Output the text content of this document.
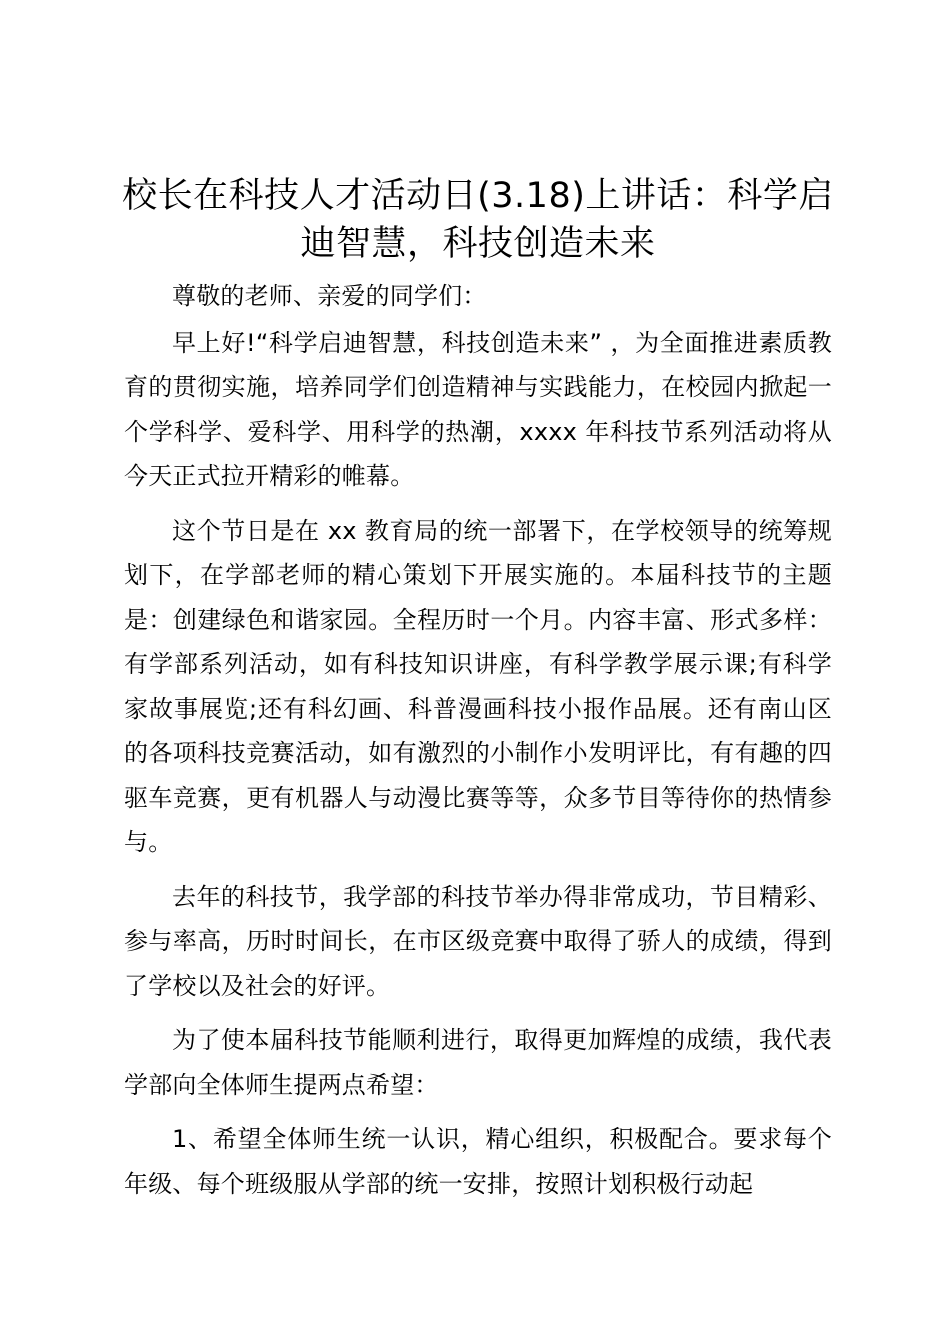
校长在科技人才活动日(3.18)上讲话：科学启迪智慧，科技创造未来

尊敬的老师、亲爱的同学们：

早上好!“科学启迪智慧，科技创造未来” ，为全面推进素质教育的贯彻实施，培养同学们创造精神与实践能力，在校园内掀起一个学科学、爱科学、用科学的热潮，xxxx 年科技节系列活动将从今天正式拉开精彩的帷幕。

这个节日是在 xx 教育局的统一部署下，在学校领导的统筹规划下，在学部老师的精心策划下开展实施的。本届科技节的主题是：创建绿色和谐家园。全程历时一个月。内容丰富、形式多样：有学部系列活动，如有科技知识讲座，有科学教学展示课;有科学家故事展览;还有科幻画、科普漫画科技小报作品展。还有南山区的各项科技竞赛活动，如有激烈的小制作小发明评比，有有趣的四驱车竞赛，更有机器人与动漫比赛等等，众多节目等待你的热情参与。

去年的科技节，我学部的科技节举办得非常成功，节目精彩、参与率高，历时时间长，在市区级竞赛中取得了骄人的成绩，得到了学校以及社会的好评。

为了使本届科技节能顺利进行，取得更加辉煌的成绩，我代表学部向全体师生提两点希望：

1、希望全体师生统一认识，精心组织，积极配合。要求每个年级、每个班级服从学部的统一安排，按照计划积极行动起
